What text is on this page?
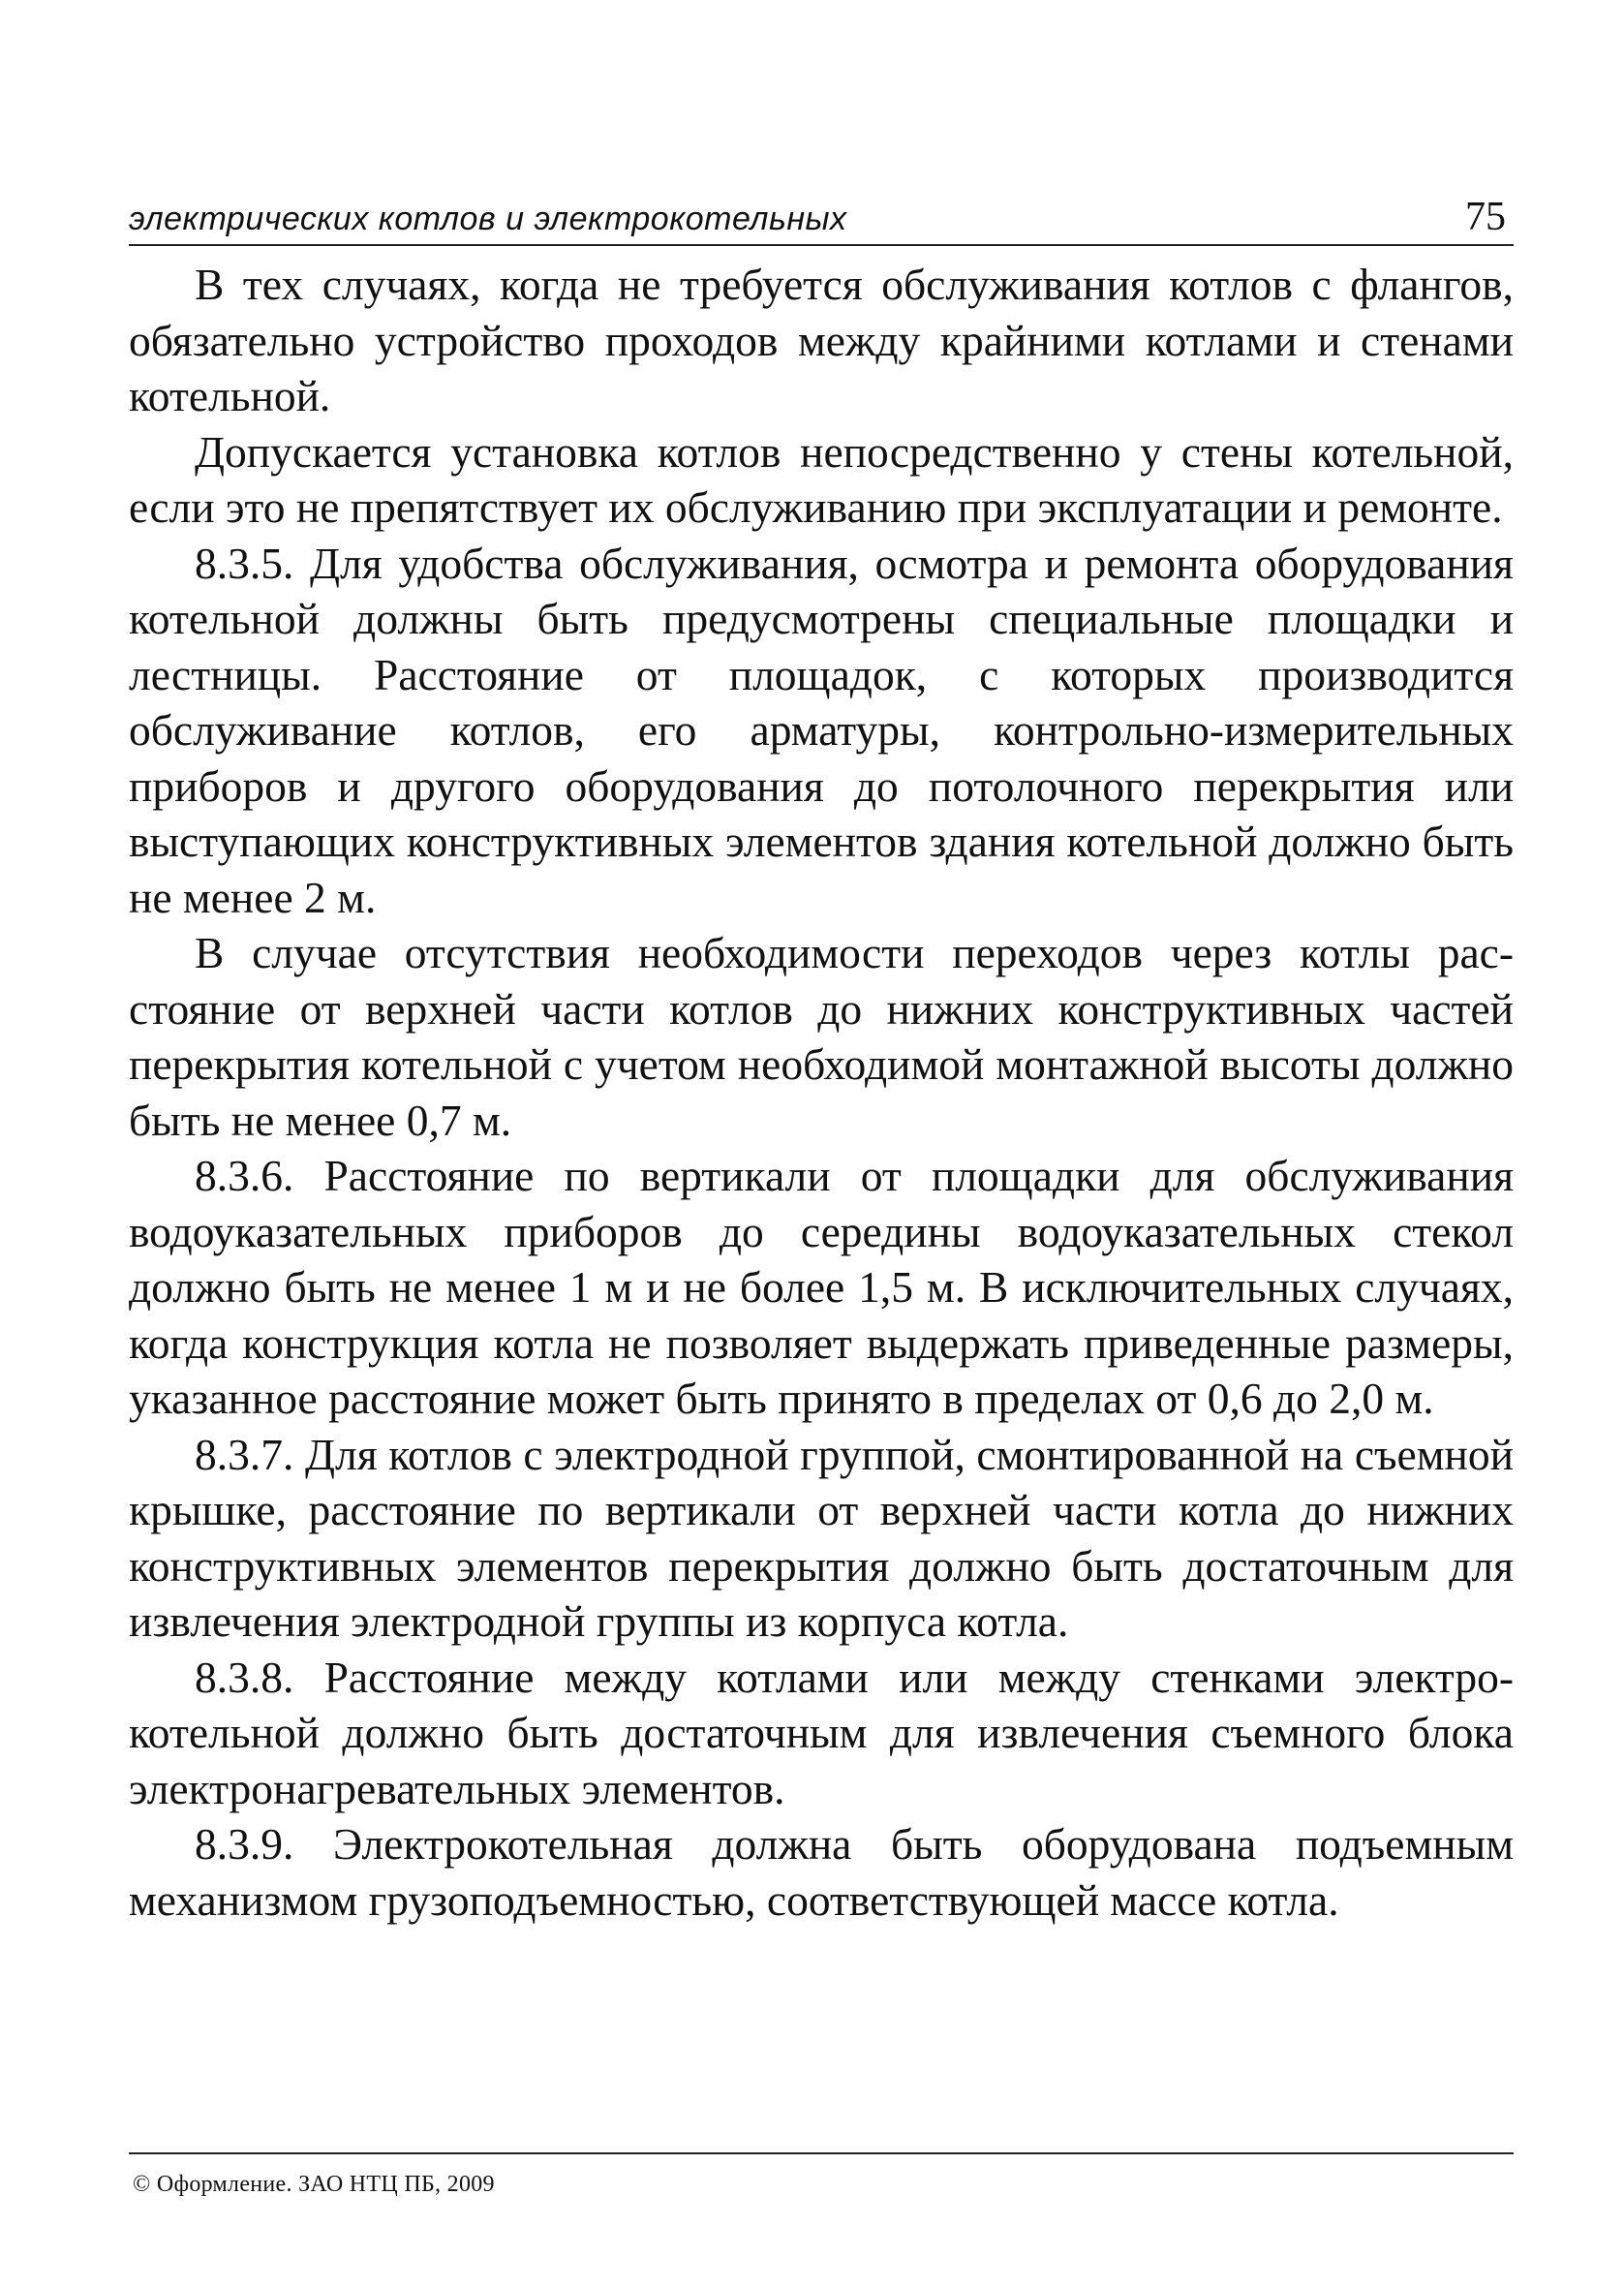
электрических котлов и электрокотельных	75

В тех случаях, когда не требуется обслуживания котлов с флангов, обязательно устройство проходов между крайними котлами и стенами котельной.

Допускается установка котлов непосредственно у стены котельной, если это не препятствует их обслуживанию при эксплуатации и ремонте.

8.3.5. Для удобства обслуживания, осмотра и ремонта оборудования котельной должны быть предусмотрены специальные площадки и лестницы. Расстояние от площадок, с которых производится обслуживание котлов, его арматуры, контрольно-измерительных приборов и другого оборудования до потолочного перекрытия или выступающих конструктивных элементов здания котельной должно быть не менее 2 м.

В случае отсутствия необходимости переходов через котлы расстояние от верхней части котлов до нижних конструктивных частей перекрытия котельной с учетом необходимой монтажной высоты должно быть не менее 0,7 м.

8.3.6. Расстояние по вертикали от площадки для обслуживания водоуказательных приборов до середины водоуказательных стекол должно быть не менее 1 м и не более 1,5 м. В исключительных случаях, когда конструкция котла не позволяет выдержать приведенные размеры, указанное расстояние может быть принято в пределах от 0,6 до 2,0 м.

8.3.7. Для котлов с электродной группой, смонтированной на съемной крышке, расстояние по вертикали от верхней части котла до нижних конструктивных элементов перекрытия должно быть достаточным для извлечения электродной группы из корпуса котла.

8.3.8. Расстояние между котлами или между стенками электрокотельной должно быть достаточным для извлечения съемного блока электронагревательных элементов.

8.3.9. Электрокотельная должна быть оборудована подъемным механизмом грузоподъемностью, соответствующей массе котла.

© Оформление. ЗАО НТЦ ПБ, 2009
